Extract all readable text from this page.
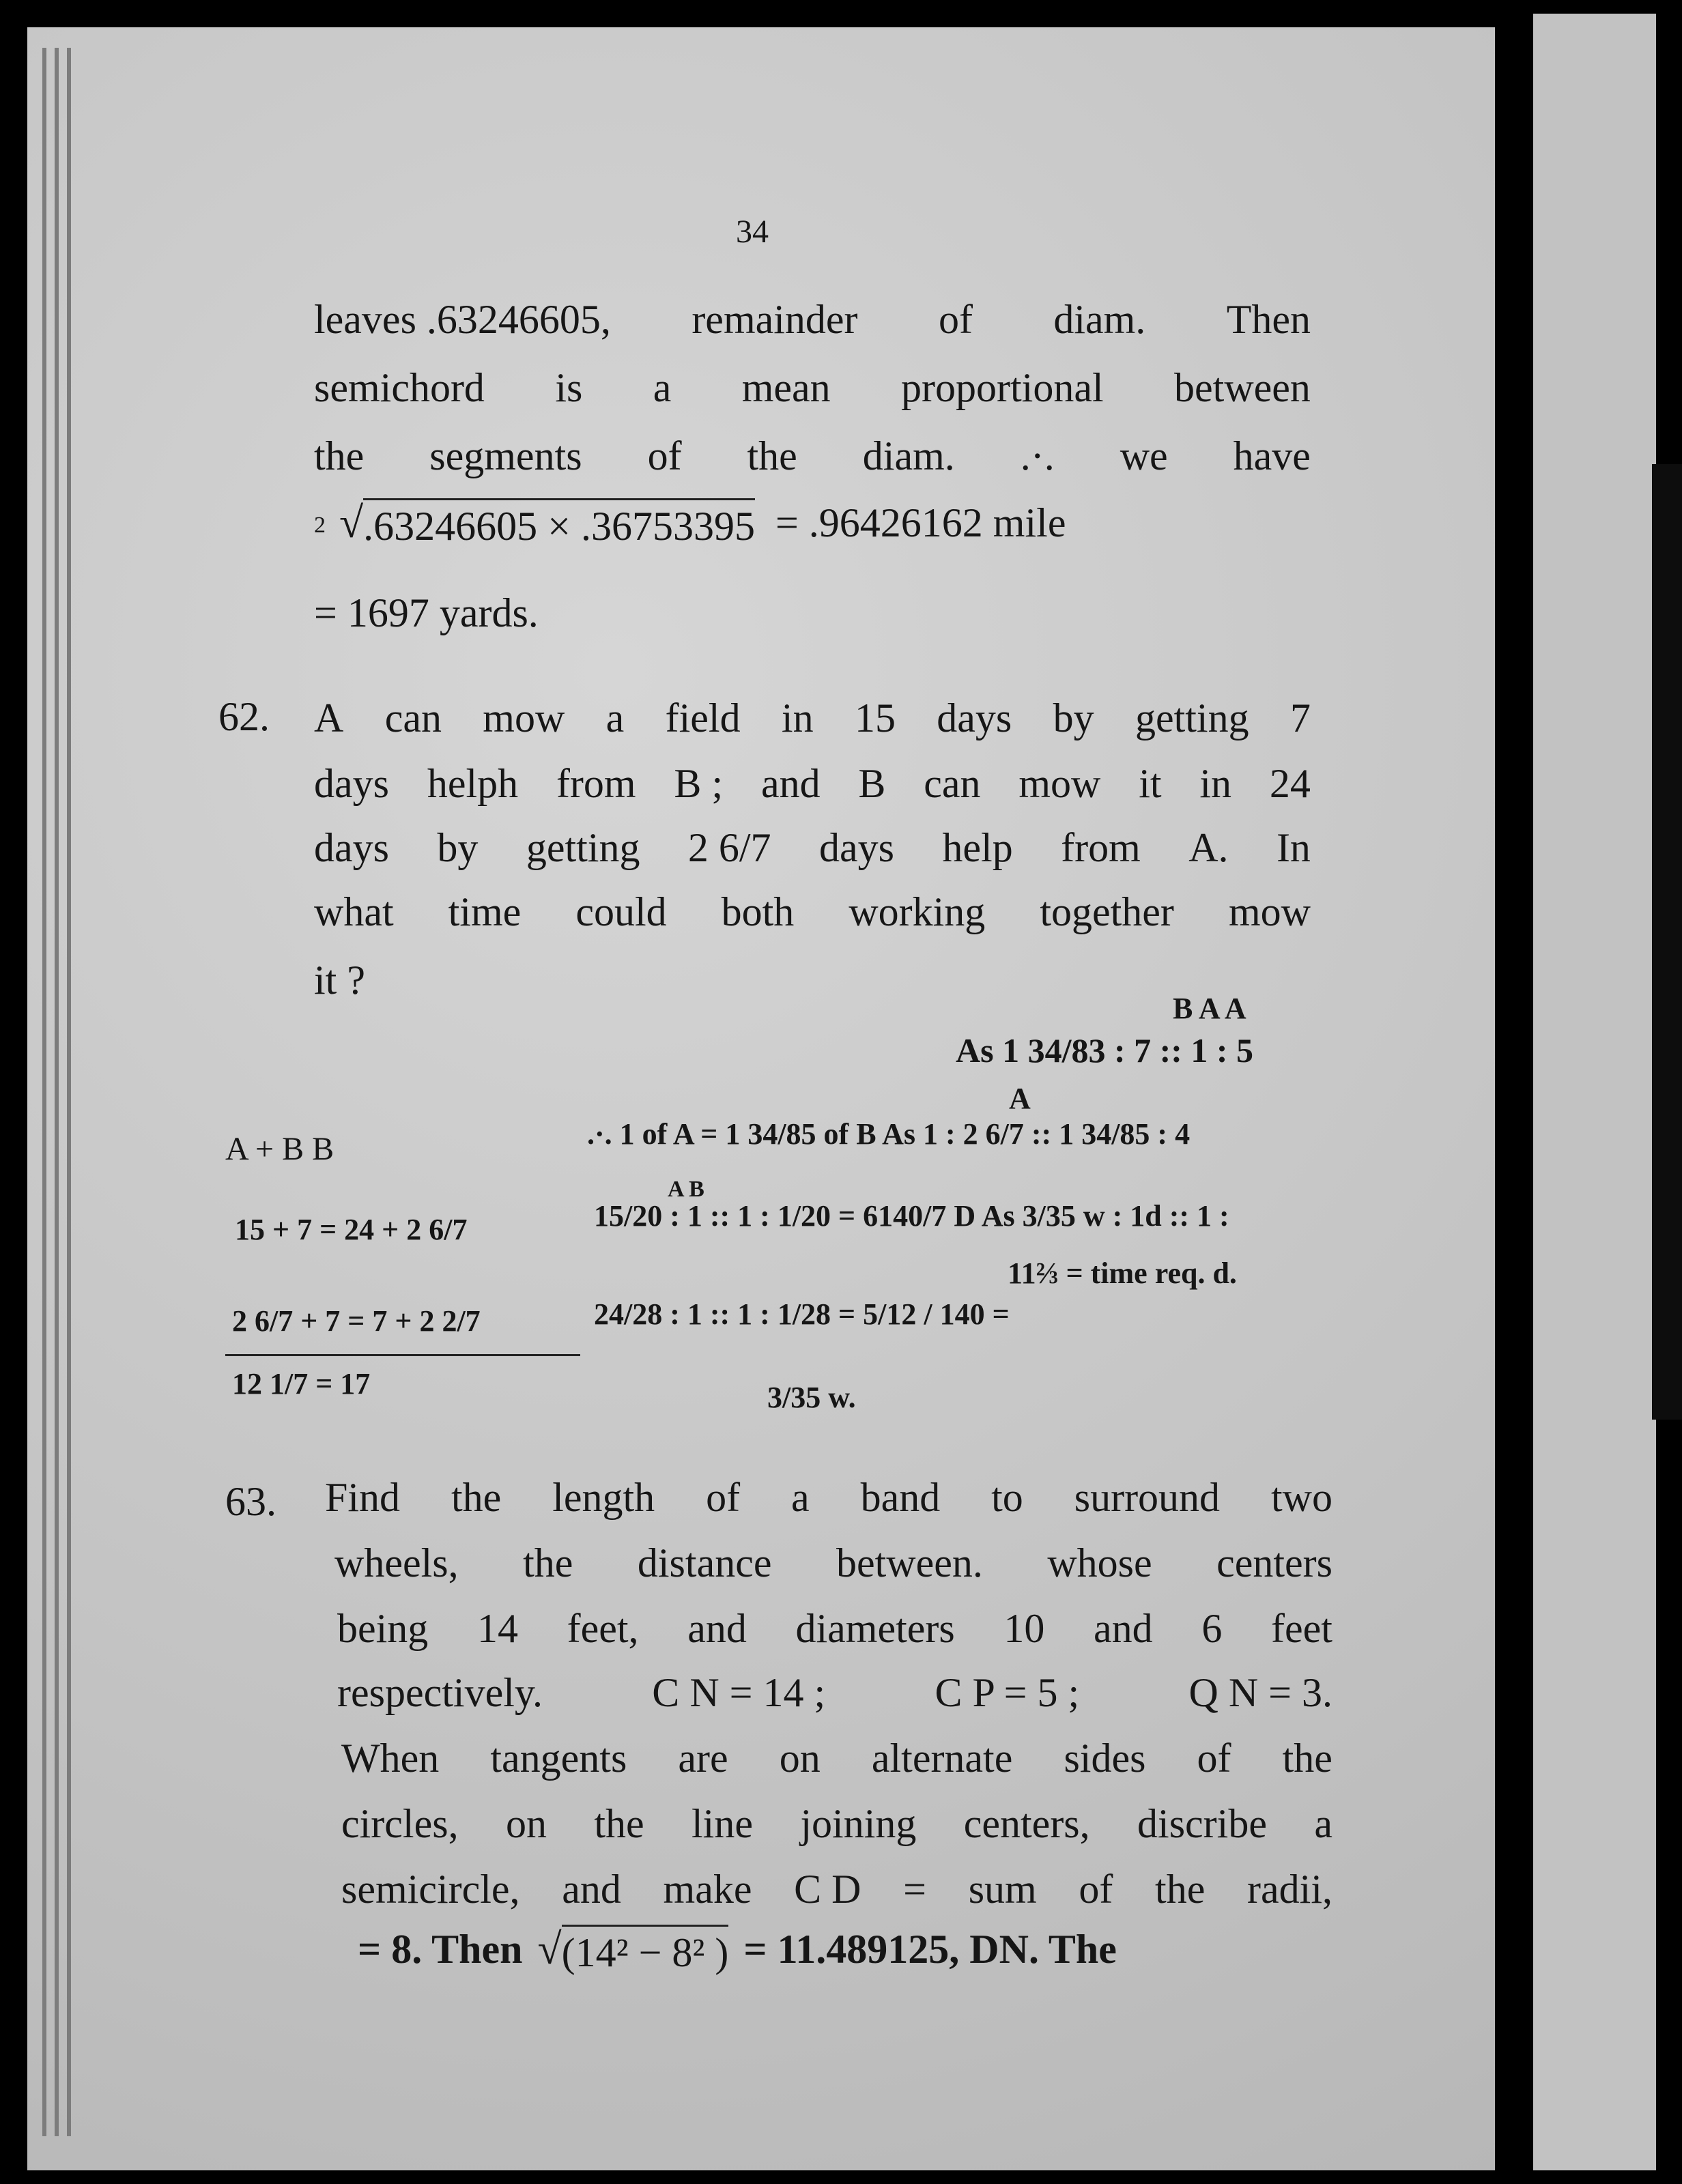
34
leaves .63246605, remainder of diam. Then
semichord is a mean proportional between
the segments of the diam. .·. we have
2 √ .63246605 × .36753395 = .96426162 mile
= 1697 yards.
62. A can mow a field in 15 days by getting 7
days helph from B ; and B can mow it in 24
days by getting 2 6/7 days help from A. In
what time could both working together mow
it ?
B A A
As 1 34/83 : 7 :: 1 : 5
A
A + B B	.·. 1 of A = 1 34/85 of B As 1 : 2 6/7 :: 1 34/85 : 4
A B
15 + 7 = 24 + 2 6/7	15/20 : 1 :: 1 : 1/20 = 6140/7 D As 3/35 w : 1d :: 1 :
11⅔ = time req. d.
2 6/7 + 7 = 7 + 2 2/7	24/28 : 1 :: 1 : 1/28 = 5/12 / 140 =
12 1/7 = 17	3/35 w.
63. Find the length of a band to surround two
wheels, the distance between. whose centers
being 14 feet, and diameters 10 and 6 feet
respectively.	C N = 14 ;	C P = 5 ;	Q N = 3.
When tangents are on alternate sides of the
circles, on the line joining centers, discribe a
semicircle, and make C D = sum of the radii,
= 8. Then √ (14² − 8² ) = 11.489125, DN. The
